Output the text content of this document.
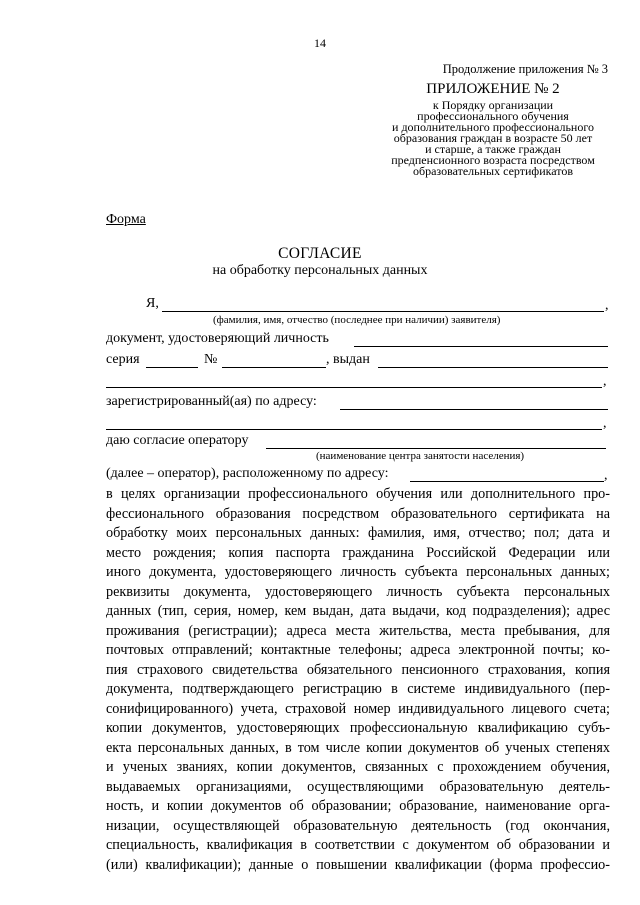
14
Продолжение приложения № 3
ПРИЛОЖЕНИЕ № 2
к Порядку организации
профессионального обучения
и дополнительного профессионального
образования граждан в возрасте 50 лет
и старше, а также граждан
предпенсионного возраста посредством
образовательных сертификатов
Форма
СОГЛАСИЕ
на обработку персональных данных
Я,	,
(фамилия, имя, отчество (последнее при наличии) заявителя)
документ, удостоверяющий личность
серия	№	, выдан
,
зарегистрированный(ая) по адресу:
,
даю согласие оператору
(наименование центра занятости населения)
(далее – оператор), расположенному по адресу:	,
в целях организации профессионального обучения или дополнительного про-
фессионального образования посредством образовательного сертификата на
обработку моих персональных данных: фамилия, имя, отчество; пол; дата и
место рождения; копия паспорта гражданина Российской Федерации или
иного документа, удостоверяющего личность субъекта персональных данных;
реквизиты документа, удостоверяющего личность субъекта персональных
данных (тип, серия, номер, кем выдан, дата выдачи, код подразделения); адрес
проживания (регистрации); адреса места жительства, места пребывания, для
почтовых отправлений; контактные телефоны; адреса электронной почты; ко-
пия страхового свидетельства обязательного пенсионного страхования, копия
документа, подтверждающего регистрацию в системе индивидуального (пер-
сонифицированного) учета, страховой номер индивидуального лицевого счета;
копии документов, удостоверяющих профессиональную квалификацию субъ-
екта персональных данных, в том числе копии документов об ученых степенях
и ученых званиях, копии документов, связанных с прохождением обучения,
выдаваемых организациями, осуществляющими образовательную деятель-
ность, и копии документов об образовании; образование, наименование орга-
низации, осуществляющей образовательную деятельность (год окончания,
специальность, квалификация в соответствии с документом об образовании и
(или) квалификации); данные о повышении квалификации (форма профессио-
